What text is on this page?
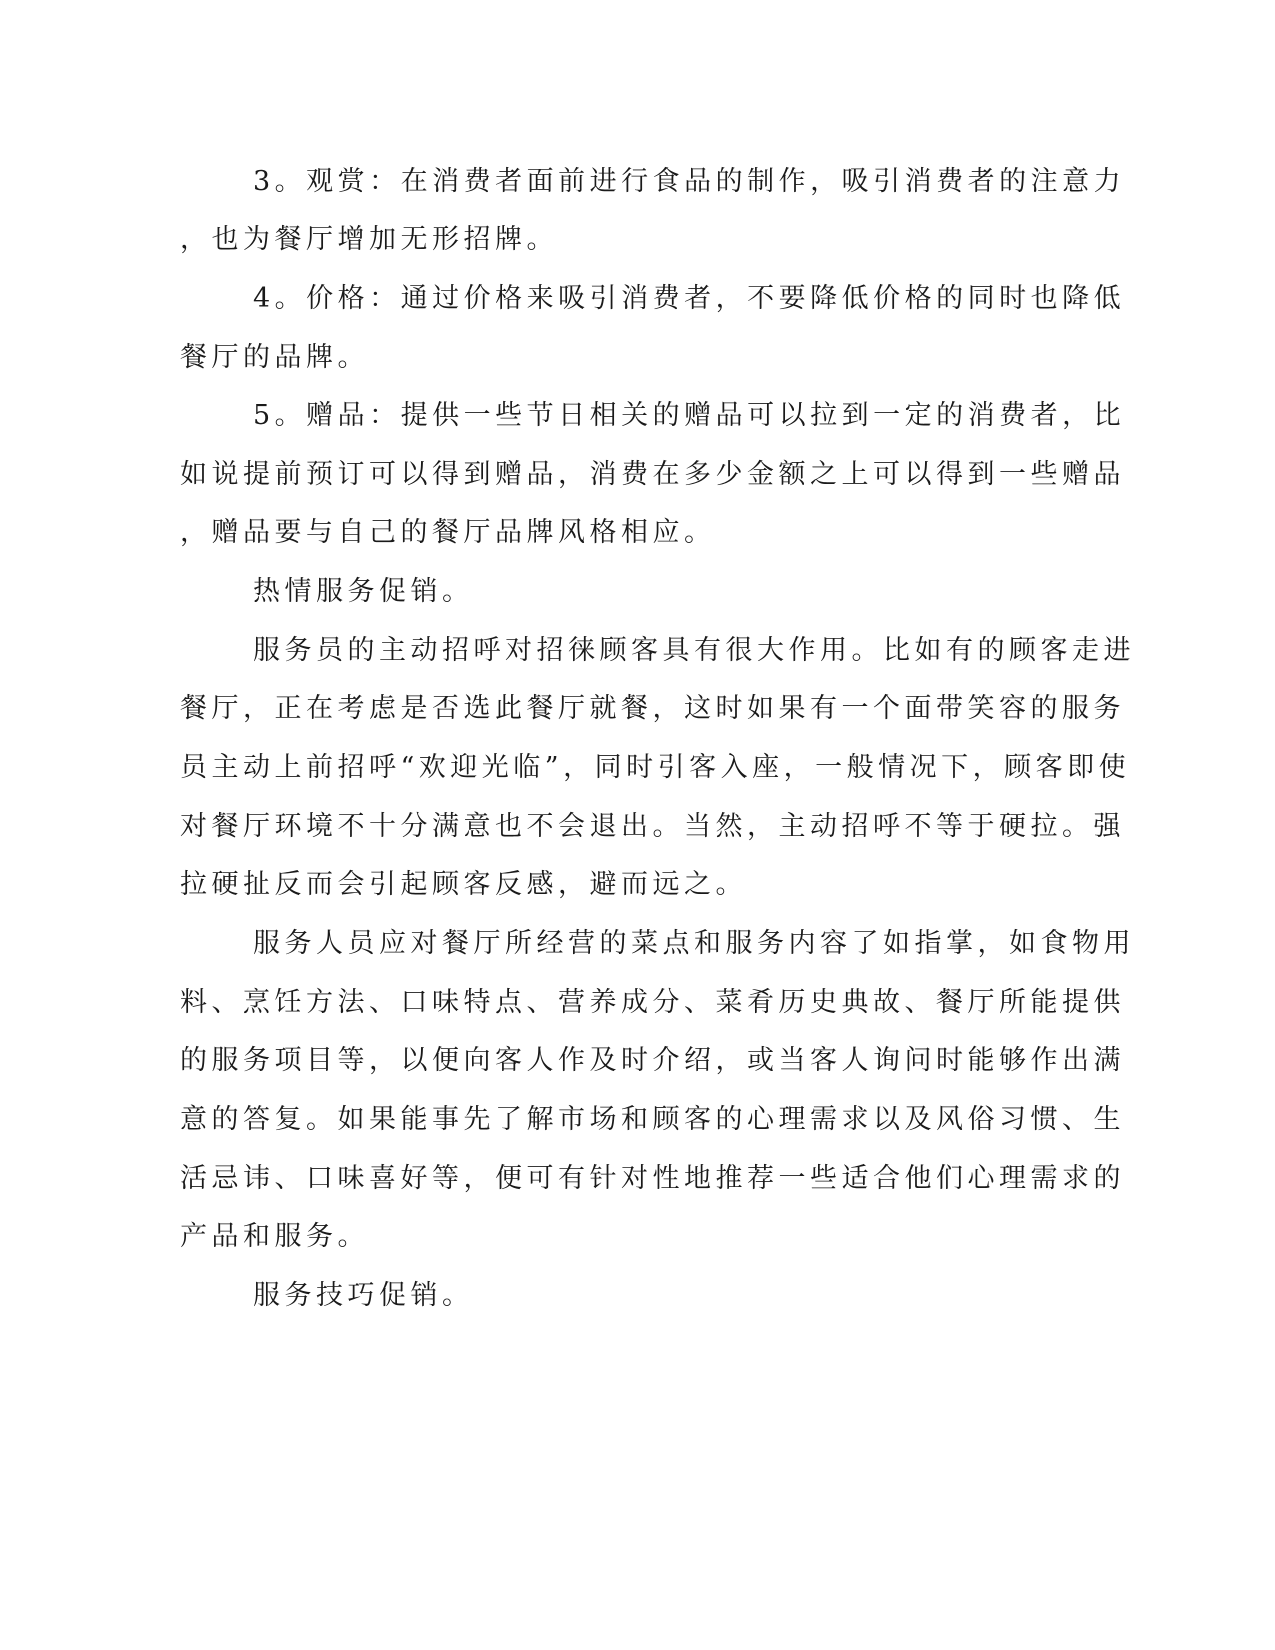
3。观赏：在消费者面前进行食品的制作，吸引消费者的注意力
，也为餐厅增加无形招牌。
4。价格：通过价格来吸引消费者，不要降低价格的同时也降低
餐厅的品牌。
5。赠品：提供一些节日相关的赠品可以拉到一定的消费者，比
如说提前预订可以得到赠品，消费在多少金额之上可以得到一些赠品
，赠品要与自己的餐厅品牌风格相应。
热情服务促销。
服务员的主动招呼对招徕顾客具有很大作用。比如有的顾客走进
餐厅，正在考虑是否选此餐厅就餐，这时如果有一个面带笑容的服务
员主动上前招呼“欢迎光临”，同时引客入座，一般情况下，顾客即使
对餐厅环境不十分满意也不会退出。当然，主动招呼不等于硬拉。强
拉硬扯反而会引起顾客反感，避而远之。
服务人员应对餐厅所经营的菜点和服务内容了如指掌，如食物用
料、烹饪方法、口味特点、营养成分、菜肴历史典故、餐厅所能提供
的服务项目等，以便向客人作及时介绍，或当客人询问时能够作出满
意的答复。如果能事先了解市场和顾客的心理需求以及风俗习惯、生
活忌讳、口味喜好等，便可有针对性地推荐一些适合他们心理需求的
产品和服务。
服务技巧促销。
